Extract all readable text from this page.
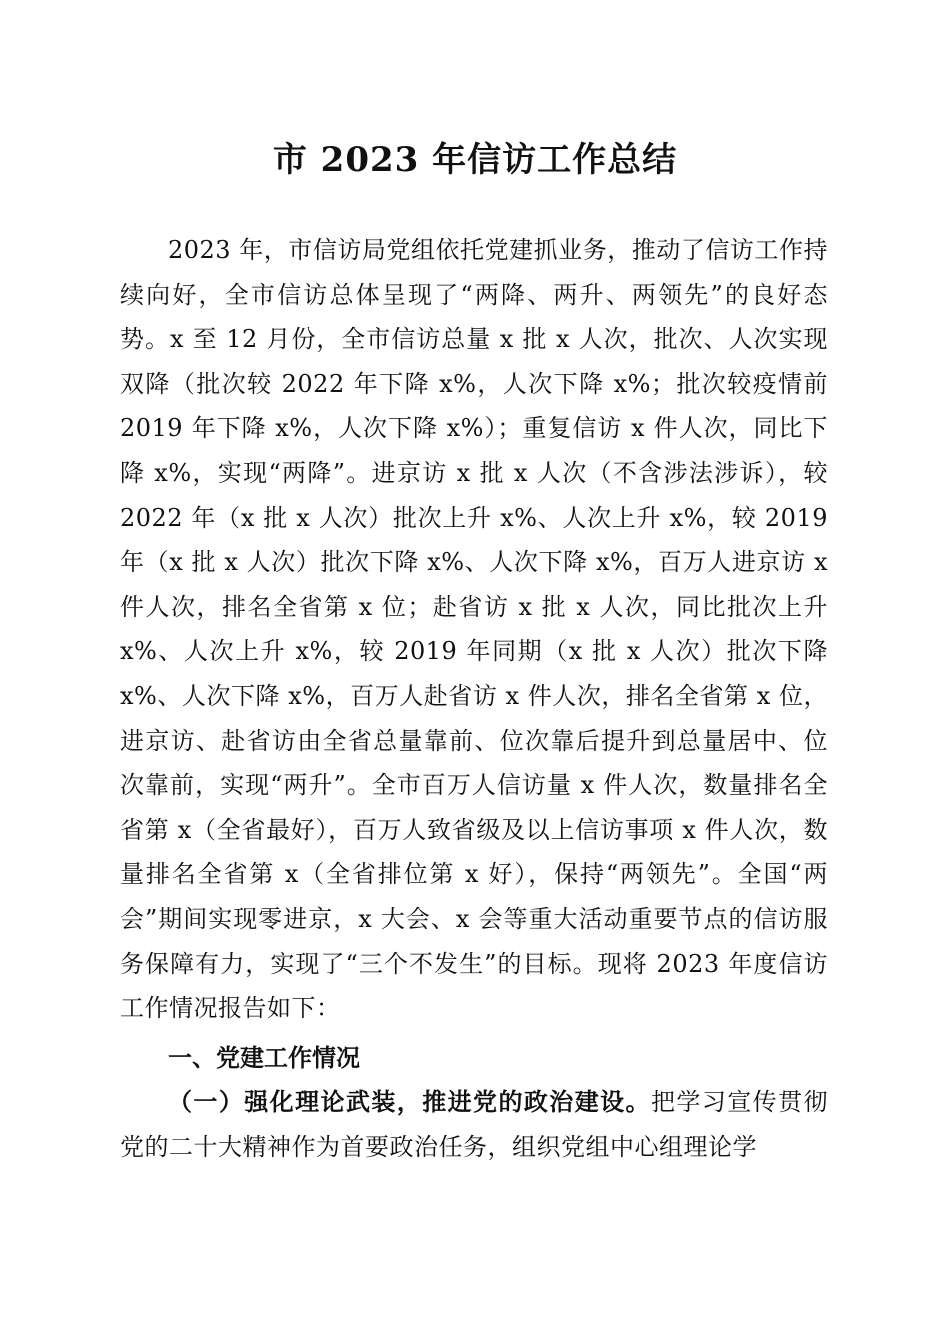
市 2023 年信访工作总结

2023 年，市信访局党组依托党建抓业务，推动了信访工作持续向好，全市信访总体呈现了“两降、两升、两领先”的良好态势。x 至 12 月份，全市信访总量 x 批 x 人次，批次、人次实现双降（批次较 2022 年下降 x%，人次下降 x%；批次较疫情前 2019 年下降 x%，人次下降 x%）；重复信访 x 件人次，同比下降 x%，实现“两降”。进京访 x 批 x 人次（不含涉法涉诉），较 2022 年（x 批 x 人次）批次上升 x%、人次上升 x%，较 2019 年（x 批 x 人次）批次下降 x%、人次下降 x%，百万人进京访 x 件人次，排名全省第 x 位；赴省访 x 批 x 人次，同比批次上升 x%、人次上升 x%，较 2019 年同期（x 批 x 人次）批次下降 x%、人次下降 x%，百万人赴省访 x 件人次，排名全省第 x 位，进京访、赴省访由全省总量靠前、位次靠后提升到总量居中、位次靠前，实现“两升”。全市百万人信访量 x 件人次，数量排名全省第 x（全省最好），百万人致省级及以上信访事项 x 件人次，数量排名全省第 x（全省排位第 x 好），保持“两领先”。全国“两会”期间实现零进京，x 大会、x 会等重大活动重要节点的信访服务保障有力，实现了“三个不发生”的目标。现将 2023 年度信访工作情况报告如下：

一、党建工作情况

（一）强化理论武装，推进党的政治建设。把学习宣传贯彻党的二十大精神作为首要政治任务，组织党组中心组理论学
